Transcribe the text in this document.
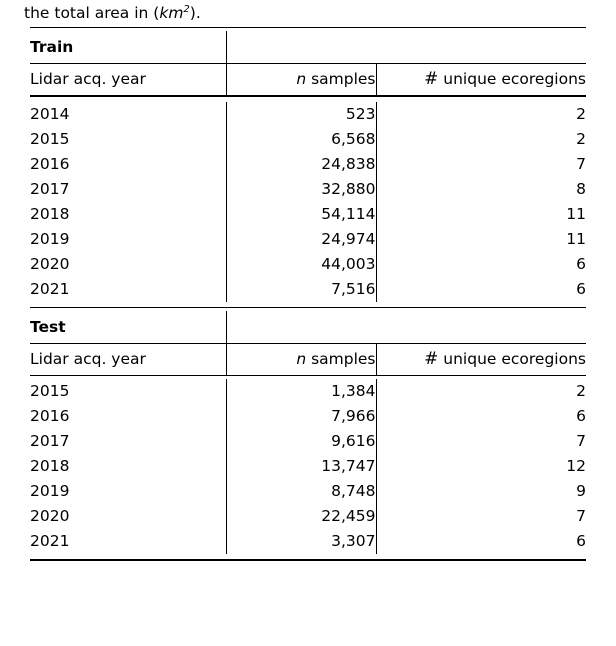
the total area in $(km^2)$.

Train		

Lidar acq. year	n samples	# unique ecoregions

2014	523	2
2015	6,568	2
2016	24,838	7
2017	32,880	8
2018	54,114	11
2019	24,974	11
2020	44,003	6
2021	7,516	6

Test		

Lidar acq. year	n samples	# unique ecoregions

2015	1,384	2
2016	7,966	6
2017	9,616	7
2018	13,747	12
2019	8,748	9
2020	22,459	7
2021	3,307	6
